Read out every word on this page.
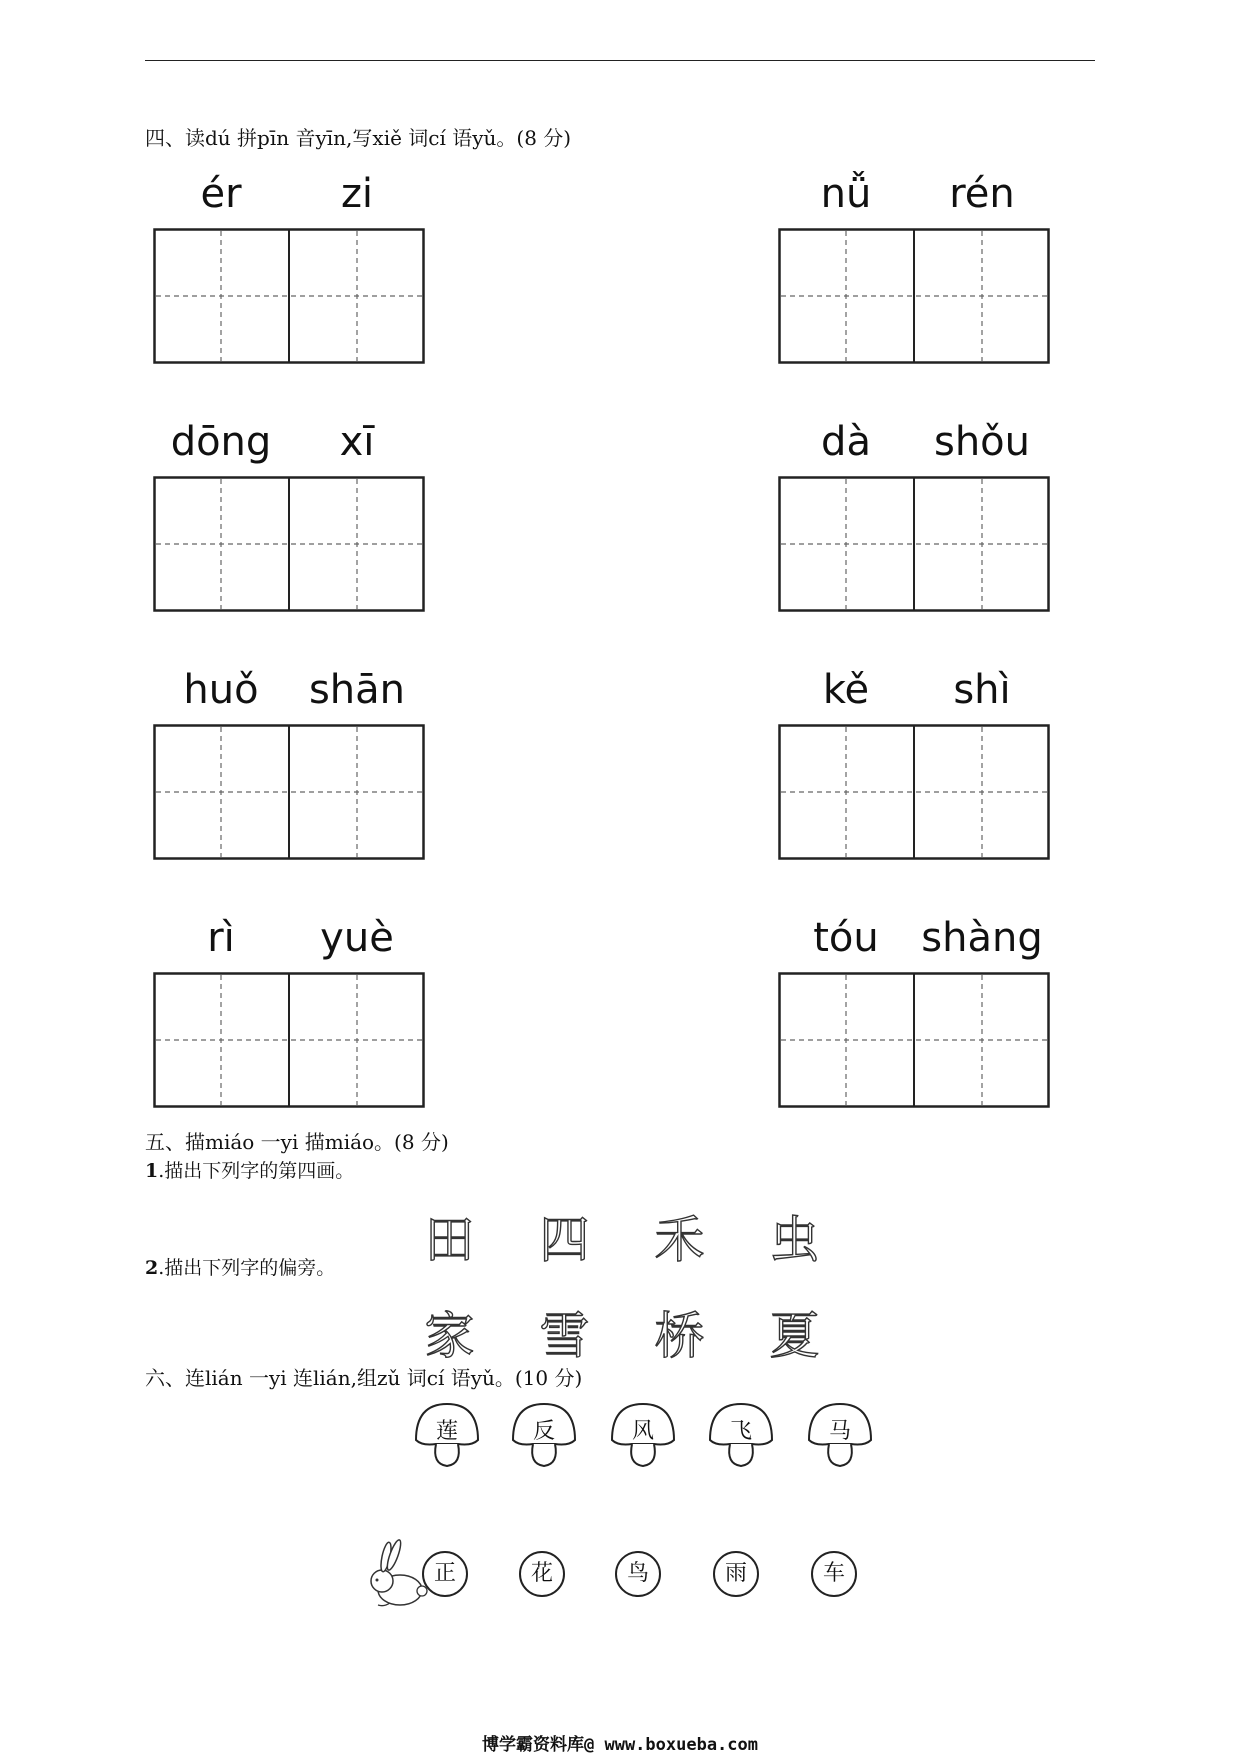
四、读dú 拼pīn 音yīn,写xiě 词cí 语yǔ。(8 分)
ér	zi	nǚ	rén
dōng	xī	dà	shǒu
huǒ	shān	kě	shì
rì	yuè	tóu	shàng
五、描miáo 一yi 描miáo。(8 分)
1.描出下列字的第四画。
田 四 禾 虫
2.描出下列字的偏旁。
家 雪 桥 夏
六、连lián 一yi 连lián,组zǔ 词cí 语yǔ。(10 分)
莲	反	风	飞	马
正	花	鸟	雨	车
博学霸资料库@ www.boxueba.com
